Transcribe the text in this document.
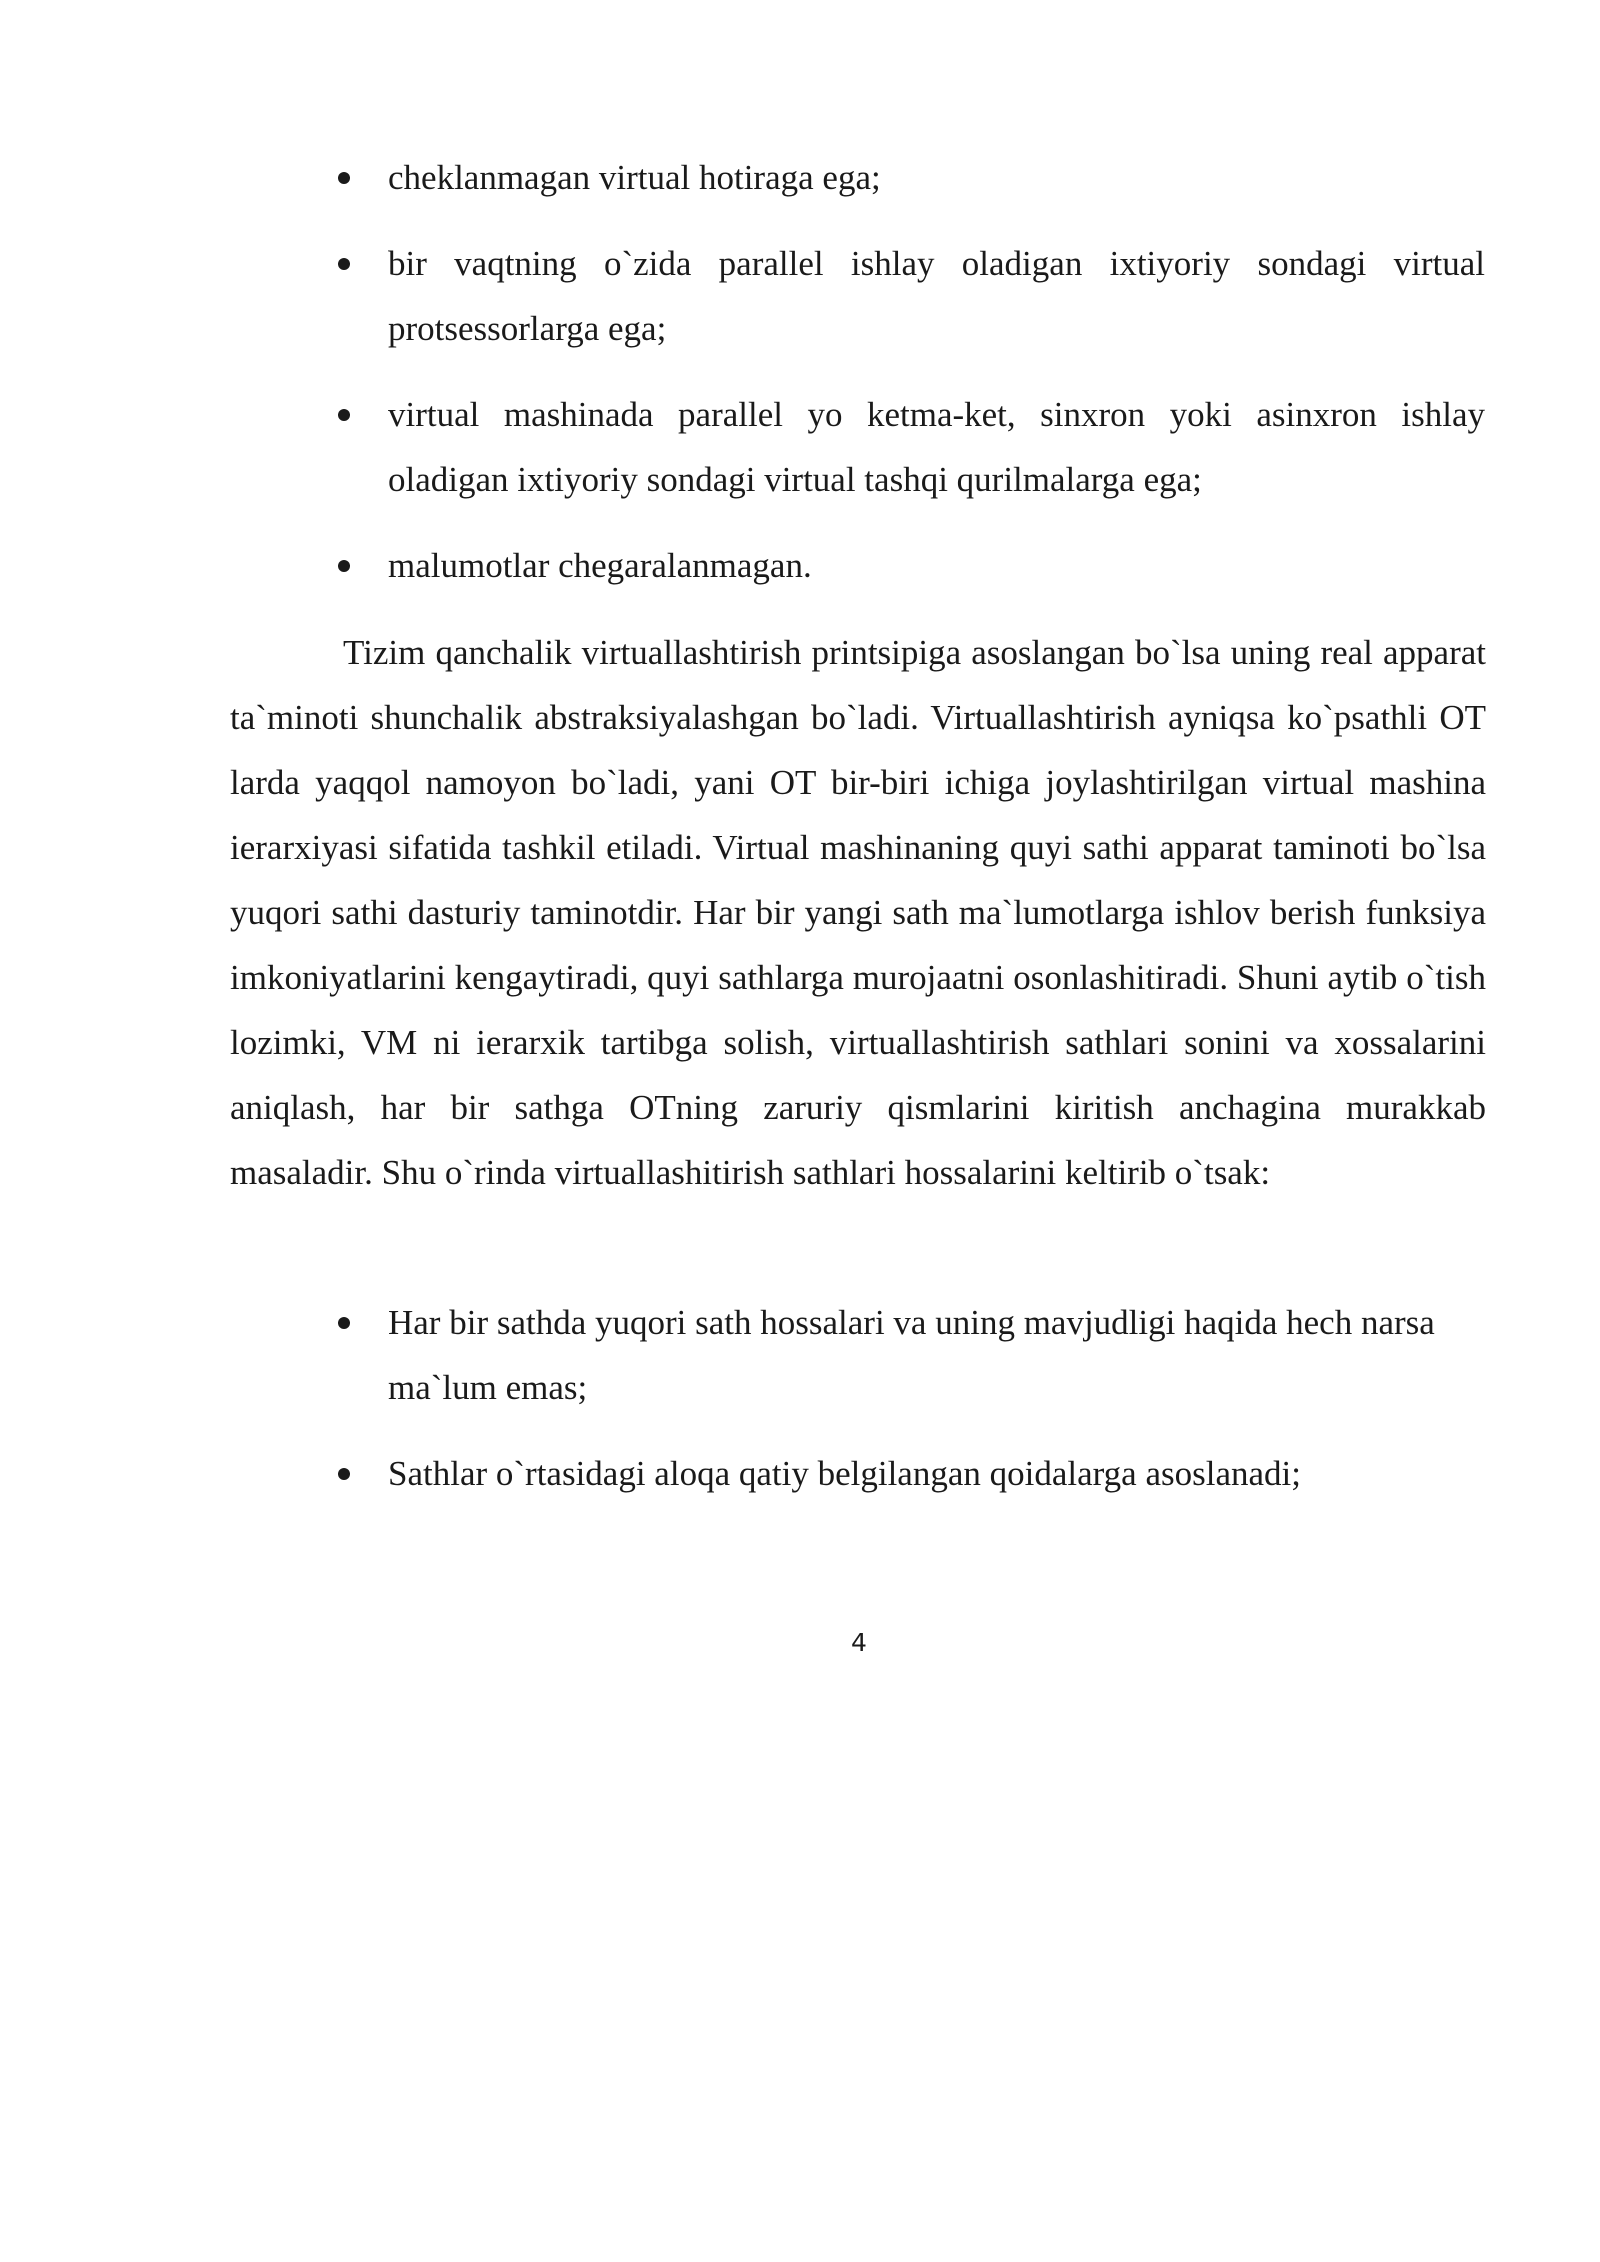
cheklanmagan virtual hotiraga ega;
bir vaqtning o`zida parallel ishlay oladigan ixtiyoriy sondagi virtual protsessorlarga ega;
virtual mashinada parallel yo ketma-ket, sinxron yoki asinxron ishlay oladigan ixtiyoriy sondagi virtual tashqi qurilmalarga ega;
malumotlar chegaralanmagan.

Tizim qanchalik virtuallashtirish printsipiga asoslangan bo`lsa uning real apparat ta`minoti shunchalik abstraksiyalashgan bo`ladi. Virtuallashtirish ayniqsa ko`psathli OT larda yaqqol namoyon bo`ladi, yani OT bir-biri ichiga joylashtirilgan virtual mashina ierarxiyasi sifatida tashkil etiladi. Virtual mashinaning quyi sathi apparat taminoti bo`lsa yuqori sathi dasturiy taminotdir. Har bir yangi sath ma`lumotlarga ishlov berish funksiya imkoniyatlarini kengaytiradi, quyi sathlarga murojaatni osonlashitiradi. Shuni aytib o`tish lozimki, VM ni ierarxik tartibga solish, virtuallashtirish sathlari sonini va xossalarini aniqlash, har bir sathga OTning zaruriy qismlarini kiritish anchagina murakkab masaladir. Shu o`rinda virtuallashitirish sathlari hossalarini keltirib o`tsak:

Har bir sathda yuqori sath hossalari va uning mavjudligi haqida hech narsa ma`lum emas;
Sathlar o`rtasidagi aloqa qatiy belgilangan qoidalarga asoslanadi;
4
